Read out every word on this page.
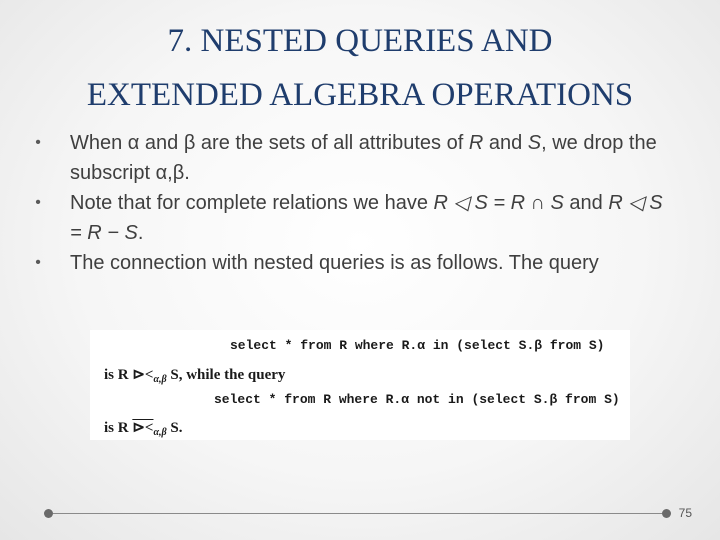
7. NESTED QUERIES AND
EXTENDED ALGEBRA OPERATIONS
•	When α and β are the sets of all attributes of R and S, we drop the subscript α,β.
•	Note that for complete relations we have R ◁ S = R ∩ S and R ◁ S = R − S.
•	The connection with nested queries is as follows. The query
select * from R where R.α in (select S.β from S)
is R $⊳<_{\alpha,\beta}$ S, while the query
select * from R where R.α not in (select S.β from S)
is R $⊳<_{\alpha,\beta}$ S.
75
